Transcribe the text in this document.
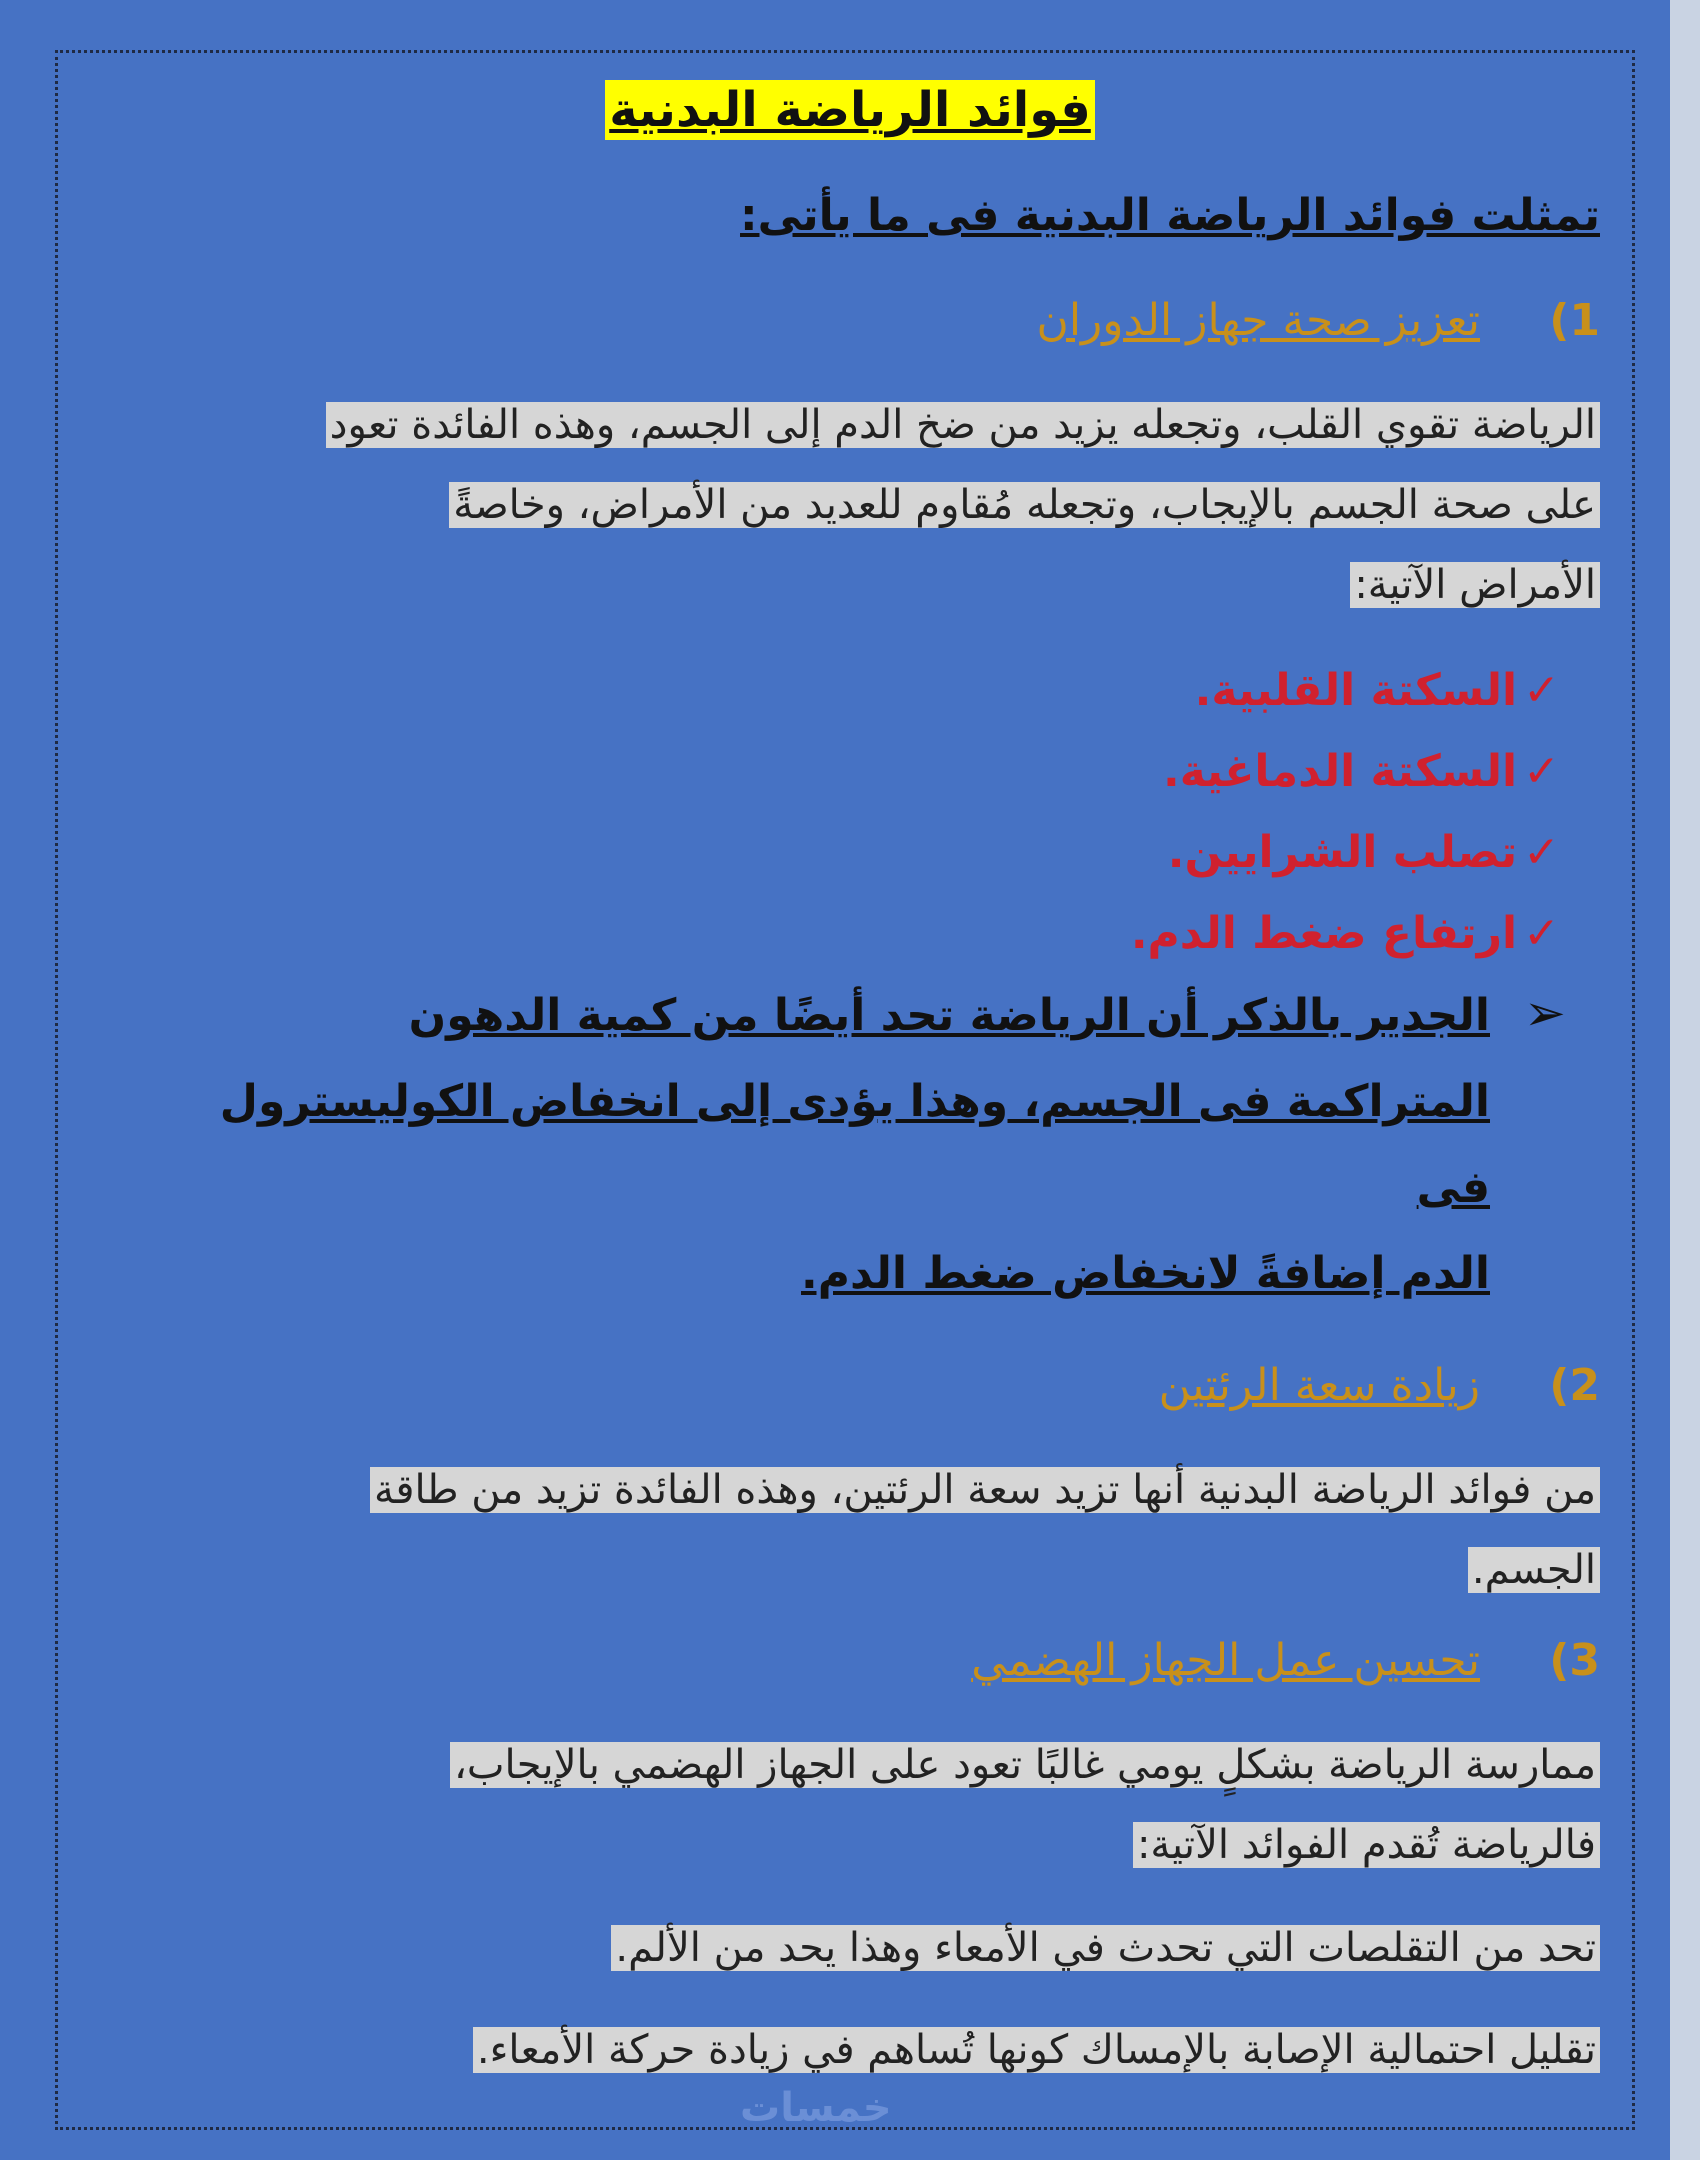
فوائد الرياضة البدنية
تمثلت فوائد الرياضة البدنية فى ما يأتى:
1)
تعزيز صحة جهاز الدوران
الرياضة تقوي القلب، وتجعله يزيد من ضخ الدم إلى الجسم، وهذه الفائدة تعود
على صحة الجسم بالإيجاب، وتجعله مُقاوم للعديد من الأمراض، وخاصةً
الأمراض الآتية:
✓
السكتة القلبية.
✓
السكتة الدماغية.
✓
تصلب الشرايين.
✓
ارتفاع ضغط الدم.
➢الجدير بالذكر أن الرياضة تحد أيضًا من كمية الدهون
المتراكمة فى الجسم، وهذا يؤدى إلى انخفاض الكوليسترول فى
الدم إضافةً لانخفاض ضغط الدم.
2)
زيادة سعة الرئتين
من فوائد الرياضة البدنية أنها تزيد سعة الرئتين، وهذه الفائدة تزيد من طاقة
الجسم.
3)
تحسين عمل الجهاز الهضمي
ممارسة الرياضة بشكلٍ يومي غالبًا تعود على الجهاز الهضمي بالإيجاب،
فالرياضة تُقدم الفوائد الآتية:
تحد من التقلصات التي تحدث في الأمعاء وهذا يحد من الألم.
تقليل احتمالية الإصابة بالإمساك كونها تُساهم في زيادة حركة الأمعاء.
خمسات
